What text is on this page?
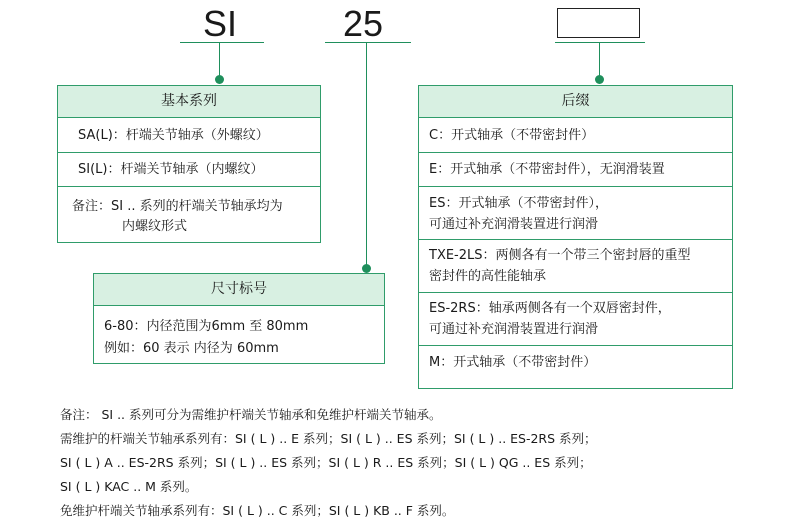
SI	25
基本系列
SA(L)：杆端关节轴承（外螺纹）
SI(L)：杆端关节轴承（内螺纹）
备注：SI .. 系列的杆端关节轴承均为
内螺纹形式
尺寸标号
6-80：内径范围为6mm 至 80mm
例如：60 表示 内径为 60mm
后缀
C：开式轴承（不带密封件）
E：开式轴承（不带密封件），无润滑装置
ES：开式轴承（不带密封件），
可通过补充润滑装置进行润滑
TXE-2LS：两侧各有一个带三个密封唇的重型
密封件的高性能轴承
ES-2RS：轴承两侧各有一个双唇密封件，
可通过补充润滑装置进行润滑
M：开式轴承（不带密封件）
备注： SI .. 系列可分为需维护杆端关节轴承和免维护杆端关节轴承。
需维护的杆端关节轴承系列有：SI ( L ) .. E 系列；SI ( L ) .. ES 系列；SI ( L ) .. ES-2RS 系列；
SI ( L ) A .. ES-2RS 系列；SI ( L ) .. ES 系列；SI ( L ) R .. ES 系列；SI ( L ) QG .. ES 系列；
SI ( L ) KAC .. M 系列。
免维护杆端关节轴承系列有：SI ( L ) .. C 系列；SI ( L ) KB .. F 系列。
